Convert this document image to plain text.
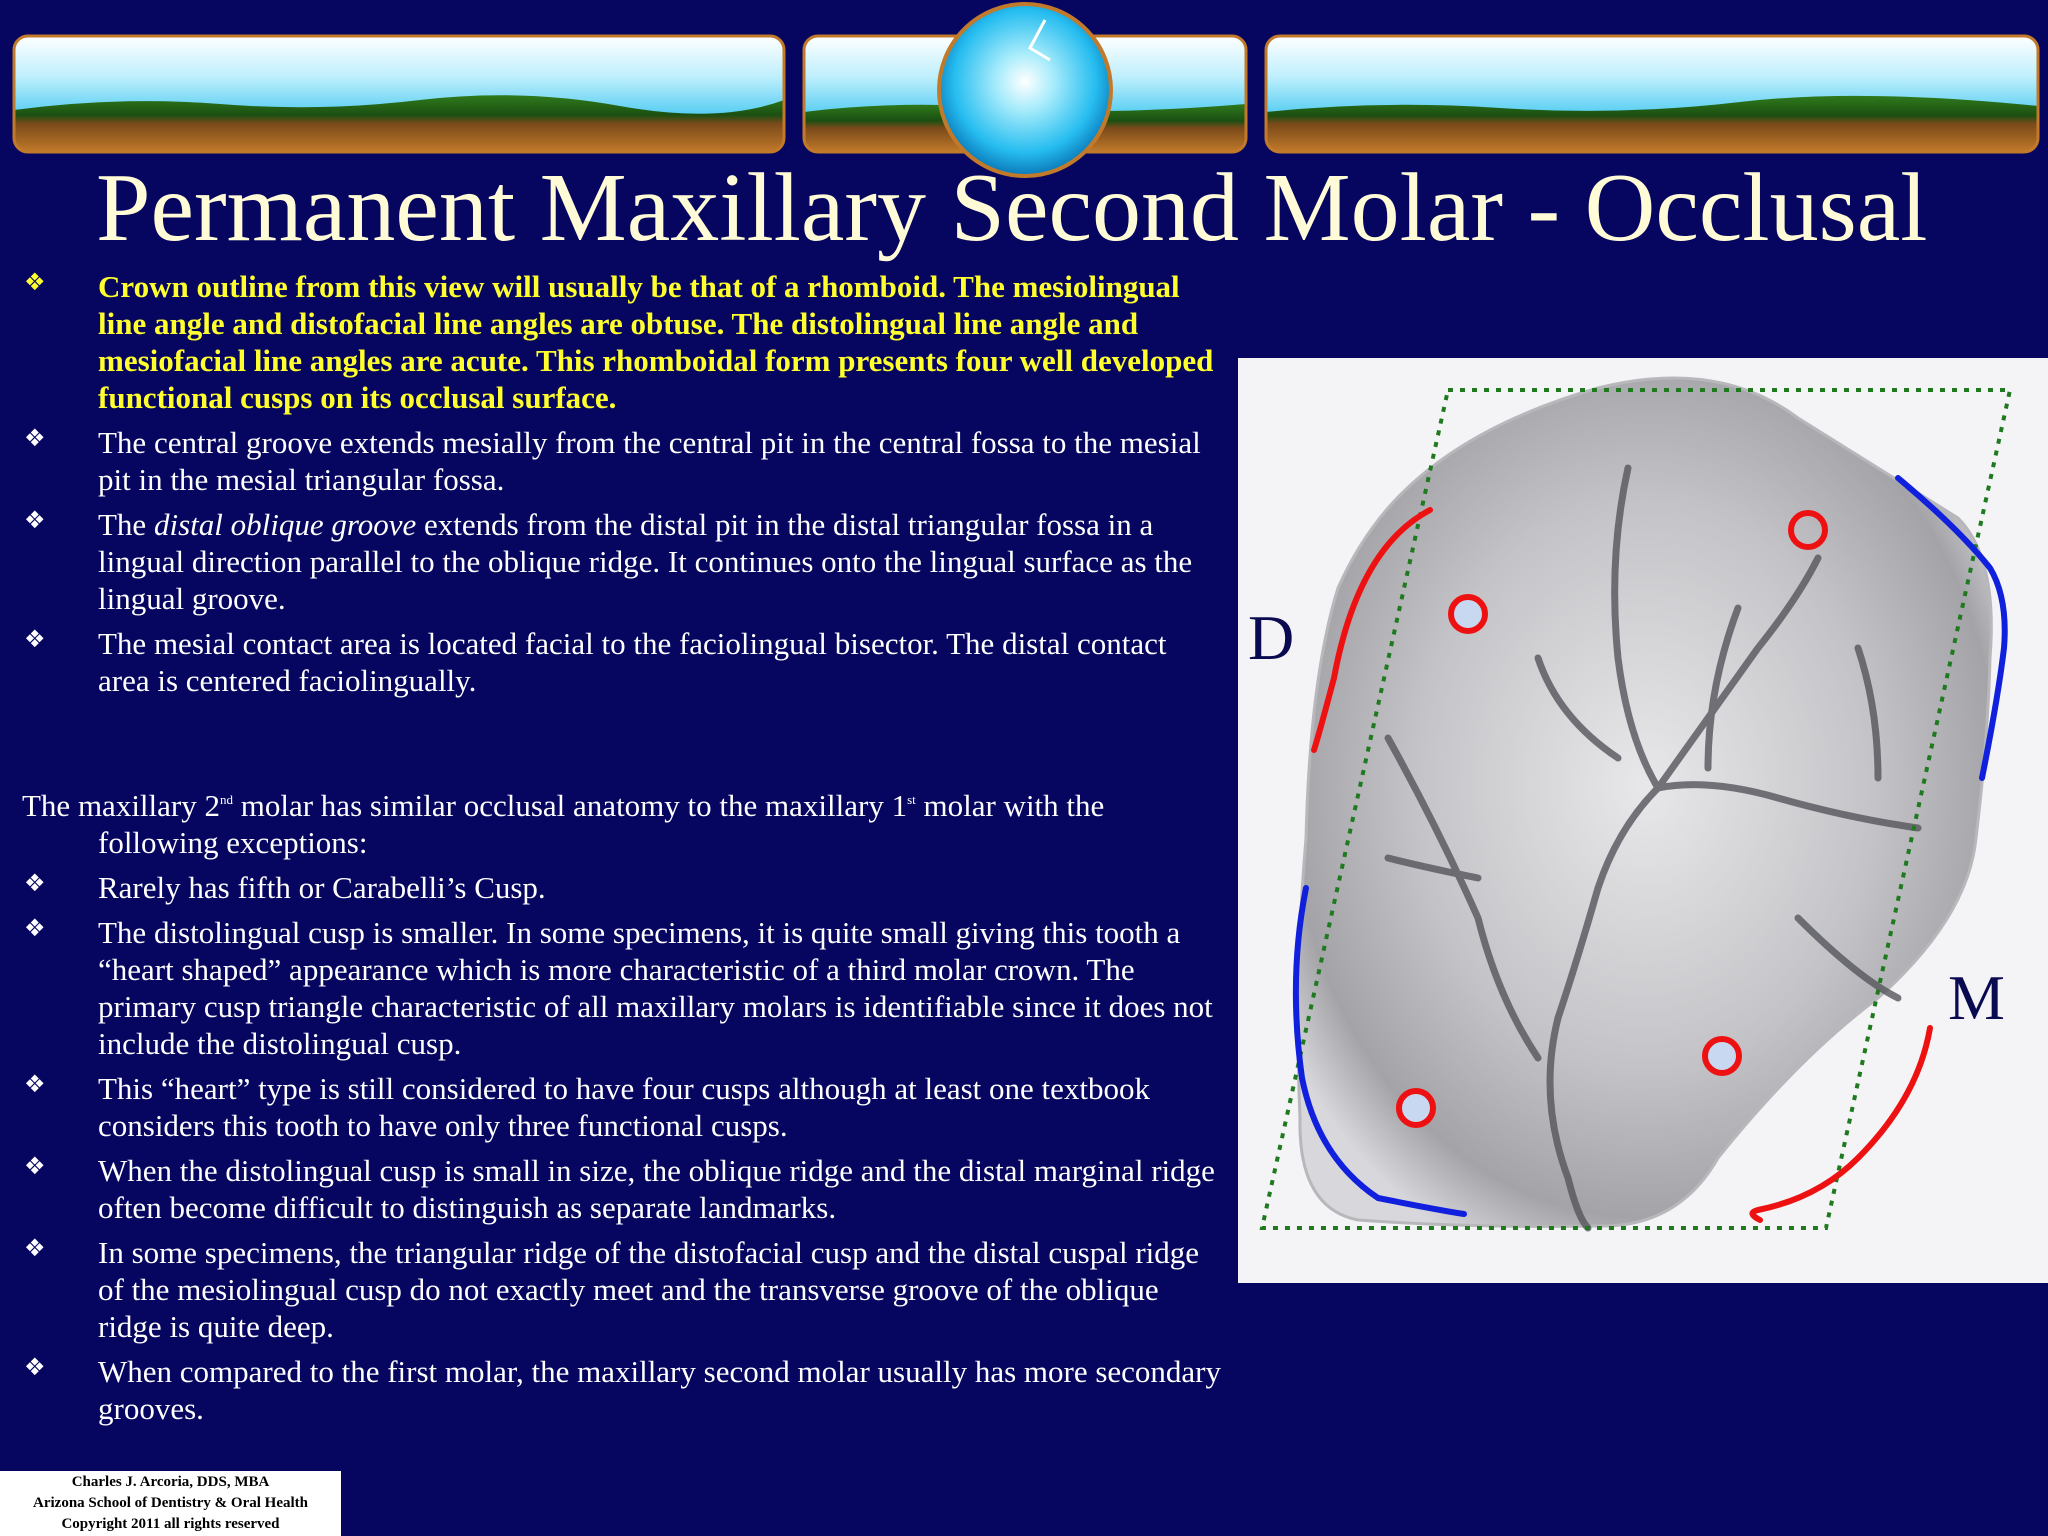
Permanent Maxillary Second Molar - Occlusal
❖ Crown outline from this view will usually be that of a rhomboid. The mesiolingual line angle and distofacial line angles are obtuse. The distolingual line angle and mesiofacial line angles are acute. This rhomboidal form presents four well developed functional cusps on its occlusal surface.
❖ The central groove extends mesially from the central pit in the central fossa to the mesial pit in the mesial triangular fossa.
❖ The distal oblique groove extends from the distal pit in the distal triangular fossa in a lingual direction parallel to the oblique ridge. It continues onto the lingual surface as the lingual groove.
❖ The mesial contact area is located facial to the faciolingual bisector. The distal contact area is centered faciolingually.
The maxillary 2nd molar has similar occlusal anatomy to the maxillary 1st molar with the
following exceptions:
❖ Rarely has fifth or Carabelli’s Cusp.
❖ The distolingual cusp is smaller. In some specimens, it is quite small giving this tooth a “heart shaped” appearance which is more characteristic of a third molar crown. The primary cusp triangle characteristic of all maxillary molars is identifiable since it does not include the distolingual cusp.
❖ This “heart” type is still considered to have four cusps although at least one textbook considers this tooth to have only three functional cusps.
❖ When the distolingual cusp is small in size, the oblique ridge and the distal marginal ridge often become difficult to distinguish as separate landmarks.
❖ In some specimens, the triangular ridge of the distofacial cusp and the distal cuspal ridge of the mesiolingual cusp do not exactly meet and the transverse groove of the oblique ridge is quite deep.
❖ When compared to the first molar, the maxillary second molar usually has more secondary grooves.
D
M
Charles J. Arcoria, DDS, MBA
Arizona School of Dentistry & Oral Health
Copyright 2011 all rights reserved
